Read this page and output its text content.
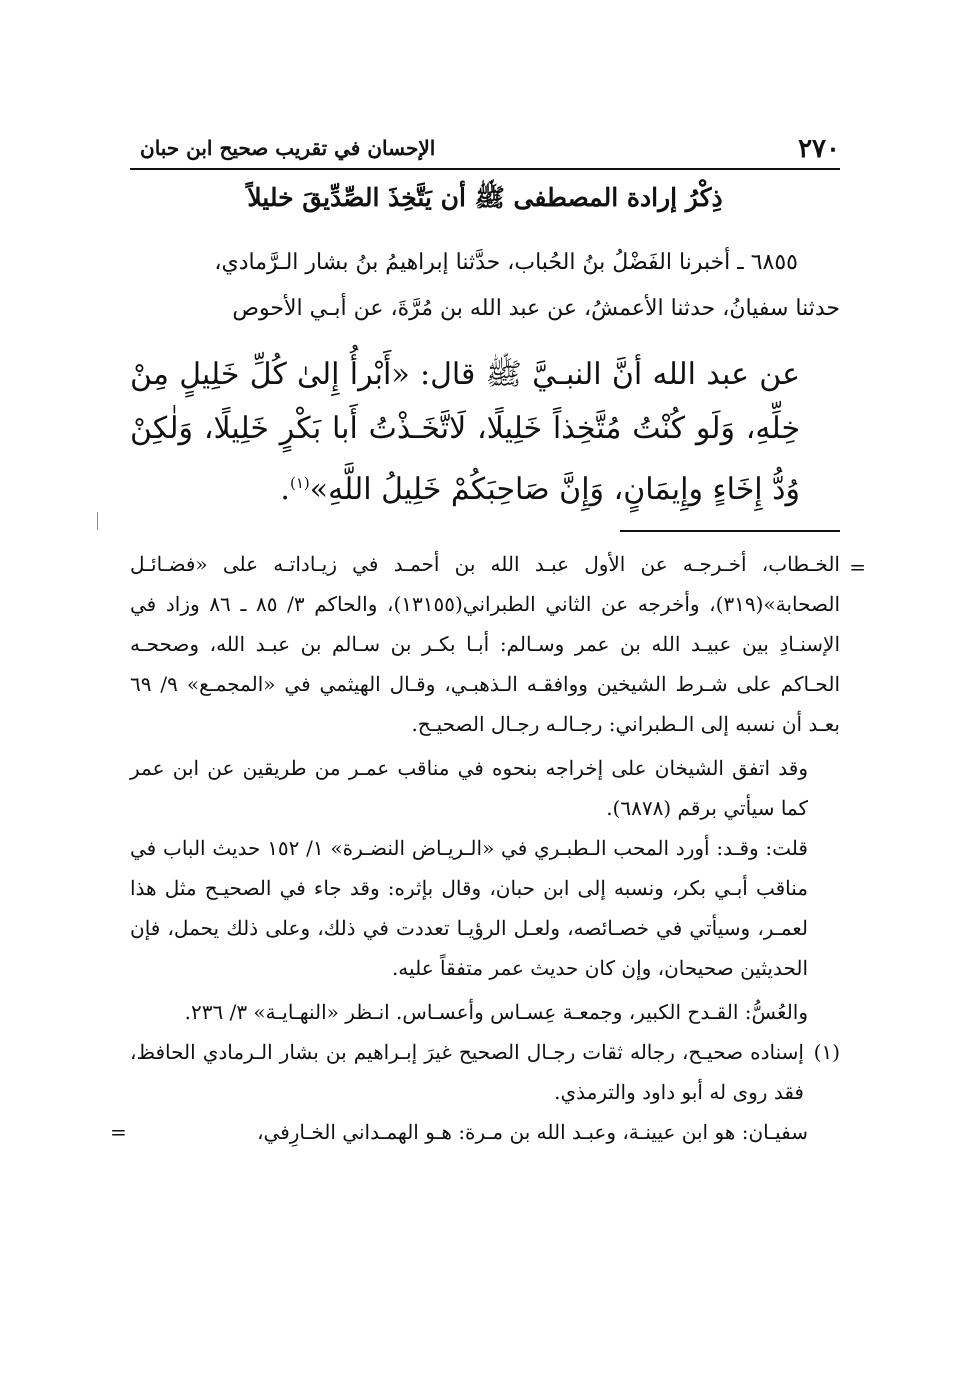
٢٧٠
الإحسان في تقريب صحيح ابن حبان
ذِكْرُ إرادة المصطفى ﷺ أن يَتَّخِذَ الصِّدِّيقَ خليلاً

٦٨٥٥ ـ أخبرنا الفَضْلُ بنُ الحُباب، حدَّثنا إبراهيمُ بنُ بشار الـرَّمادي،

حدثنا سفيانُ، حدثنا الأعمشُ، عن عبد الله بن مُرَّةَ، عن أبـي الأحوص

عن عبد الله أنَّ النبـيَّ ﷺ قال: «أَبْرأُ إِلىٰ كُلِّ خَلِيلٍ مِنْ خِلِّهِ، وَلَو كُنْتُ مُتَّخِذاً خَلِيلًا، لَاتَّخَـذْتُ أَبا بَكْرٍ خَلِيلًا، وَلٰكِنْ وُدُّ إِخَاءٍ وإِيمَانٍ، وَإِنَّ صَاحِبَكُمْ خَلِيلُ اللَّهِ»$^{(١)}$.

=

الخـطاب، أخـرجـه عن الأول عبـد الله بن أحمـد في زيـاداتـه على «فضـائـل الصحابة»(٣١٩)، وأخرجه عن الثاني الطبراني(١٣١٥٥)، والحاكم ٣/ ٨٥ ـ ٨٦ وزاد في الإسنـادِ بين عبيـد الله بن عمر وسـالم: أبـا بكـر بن سـالم بن عبـد الله، وصححـه الحـاكم على شـرط الشيخين ووافقـه الـذهبـي، وقـال الهيثمي في «المجمـع» ٩/ ٦٩ بعـد أن نسبه إلى الـطبراني: رجـالـه رجـال الصحيـح.

وقد اتفق الشيخان على إخراجه بنحوه في مناقب عمـر من طريقين عن ابن عمر كما سيأتي برقم (٦٨٧٨).

قلت: وقـد: أورد المحب الـطبـري في «الـريـاض النضـرة» ١/ ١٥٢ حديث الباب في مناقب أبـي بكر، ونسبه إلى ابن حبان، وقال بإثره: وقد جاء في الصحيـح مثل هذا لعمـر، وسيأتي في خصـائصه، ولعـل الرؤيـا تعددت في ذلك، وعلى ذلك يحمل، فإن الحديثين صحيحان، وإن كان حديث عمر متفقاً عليه.

والعُسُّ: القـدح الكبير، وجمعـة عِسـاس وأعسـاس. انـظر «النهـايـة» ٣/ ٢٣٦.

(١)

إسناده صحيـح، رجاله ثقات رجـال الصحيح غيرَ إبـراهيم بن بشار الـرمادي الحافظ، فقد روى له أبو داود والترمذي.

سفيـان: هو ابن عيينـة، وعبـد الله بن مـرة: هـو الهمـداني الخـارِفي،
=
